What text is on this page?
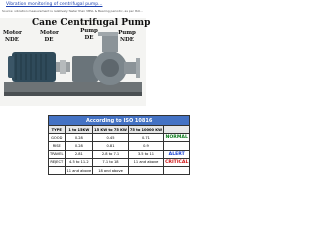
Vibration monitoring of centrifugal pump...
Source: vibration measurement is relatively faster than VBSL & Bearing periodic, as per ISO...
Cane Centrifugal Pump
Motor NDE
Motor DE
Pump DE
Pump NDE
According to ISO 10816				
TYPE	1 to 15KW	15 KW to 75 KW	75 to 10000 KW	
GOOD	0.28	0.45	0.71	NORMAL
RISE	0.28	0.81	0.9	
TRAVEL	2.81	2.8 to 7.1	3.5 to 11	ALERT
REJECT	4.5 to 11.2	7.1 to 18	11 and above	CRITICAL
	11 and above	18 and above		
